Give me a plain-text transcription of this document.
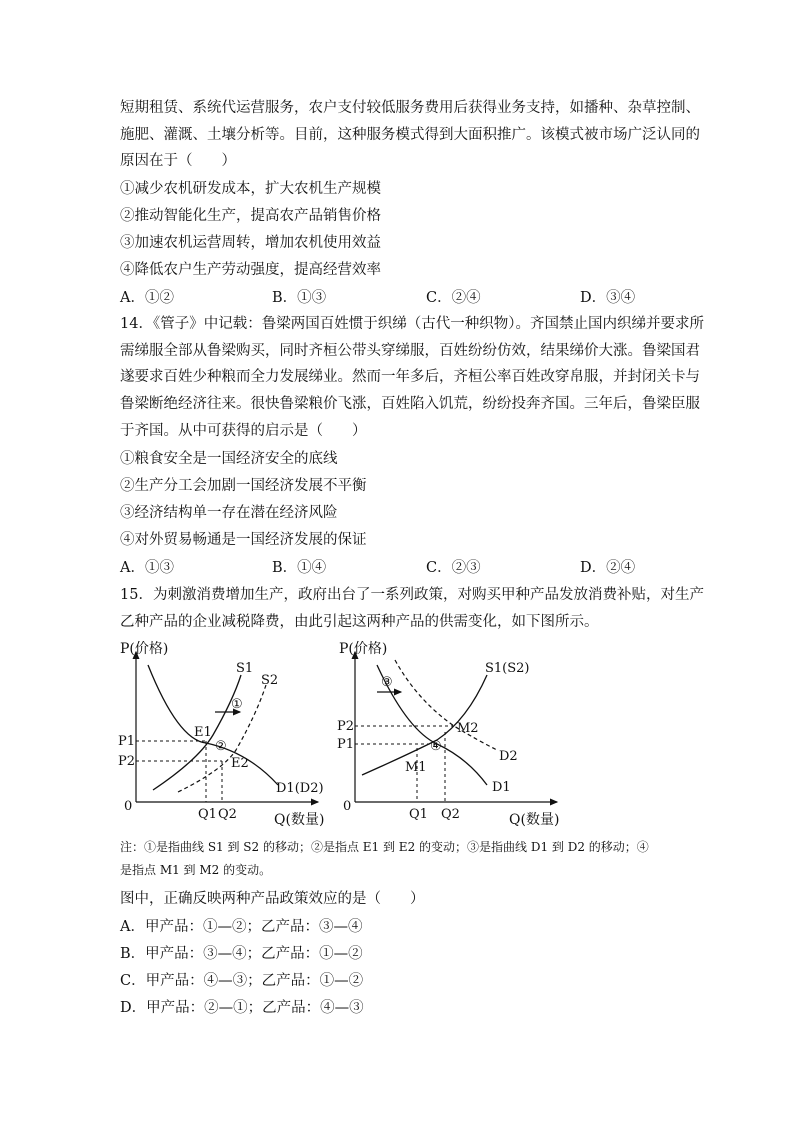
短期租赁、系统代运营服务，农户支付较低服务费用后获得业务支持，如播种、杂草控制、
施肥、灌溉、土壤分析等。目前，这种服务模式得到大面积推广。该模式被市场广泛认同的
原因在于（　　）
①减少农机研发成本，扩大农机生产规模
②推动智能化生产，提高农产品销售价格
③加速农机运营周转，增加农机使用效益
④降低农户生产劳动强度，提高经营效率
A．①②	B．①③	C．②④	D．③④
14．《管子》中记载：鲁梁两国百姓惯于织绨（古代一种织物）。齐国禁止国内织绨并要求所
需绨服全部从鲁梁购买，同时齐桓公带头穿绨服，百姓纷纷仿效，结果绨价大涨。鲁梁国君
遂要求百姓少种粮而全力发展绨业。然而一年多后，齐桓公率百姓改穿帛服，并封闭关卡与
鲁梁断绝经济往来。很快鲁梁粮价飞涨，百姓陷入饥荒，纷纷投奔齐国。三年后，鲁梁臣服
于齐国。从中可获得的启示是（　　）
①粮食安全是一国经济安全的底线
②生产分工会加剧一国经济发展不平衡
③经济结构单一存在潜在经济风险
④对外贸易畅通是一国经济发展的保证
A．①③	B．①④	C．②③	D．②④
15．为刺激消费增加生产，政府出台了一系列政策，对购买甲种产品发放消费补贴，对生产
乙种产品的企业减税降费，由此引起这两种产品的供需变化，如下图所示。
P(价格)
Q(数量)
0
S1
S2
D1(D2)
E1
E2
P1
P2
Q1 Q2
①
②
P(价格)
Q(数量)
0
S1(S2)
D1
D2
M1
M2
P2
P1
Q1 Q2
③
④
注：①是指曲线 S1 到 S2 的移动；②是指点 E1 到 E2 的变动；③是指曲线 D1 到 D2 的移动；④
是指点 M1 到 M2 的变动。
图中，正确反映两种产品政策效应的是（　　）
A．甲产品：①—②；乙产品：③—④
B．甲产品：③—④；乙产品：①—②
C．甲产品：④—③；乙产品：①—②
D．甲产品：②—①；乙产品：④—③
